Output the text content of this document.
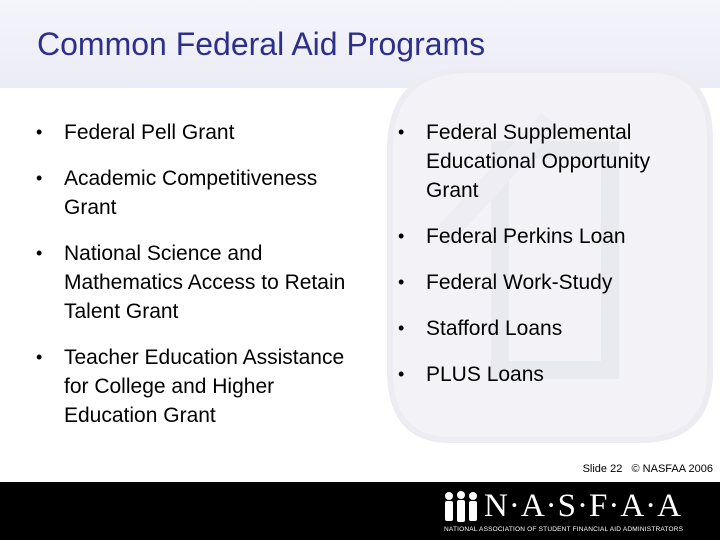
Common Federal Aid Programs
• Federal Pell Grant
• Academic Competitiveness Grant
• National Science and Mathematics Access to Retain Talent Grant
• Teacher Education Assistance for College and Higher Education Grant
• Federal Supplemental Educational Opportunity Grant
• Federal Perkins Loan
• Federal Work-Study
• Stafford Loans
• PLUS Loans
Slide 22 © NASFAA 2006
N·A·S·F·A·A
NATIONAL ASSOCIATION OF STUDENT FINANCIAL AID ADMINISTRATORS
